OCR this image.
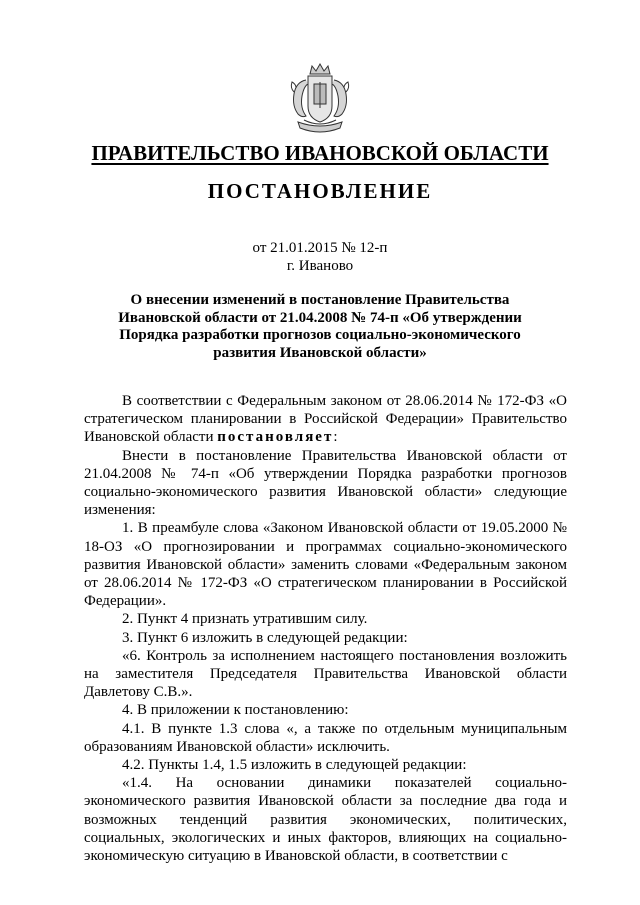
ПРАВИТЕЛЬСТВО ИВАНОВСКОЙ ОБЛАСТИ
ПОСТАНОВЛЕНИЕ
от 21.01.2015 № 12-п
г. Иваново
О внесении изменений в постановление Правительства
Ивановской области от 21.04.2008 № 74-п «Об утверждении
Порядка разработки прогнозов социально-экономического
развития Ивановской области»

В соответствии с Федеральным законом от 28.06.2014 № 172-ФЗ «О стратегическом планировании в Российской Федерации» Правительство Ивановской области постановляет:

Внести в постановление Правительства Ивановской области от 21.04.2008 № 74-п «Об утверждении Порядка разработки прогнозов социально-экономического развития Ивановской области» следующие изменения:

1. В преамбуле слова «Законом Ивановской области от 19.05.2000 № 18-ОЗ «О прогнозировании и программах социально-экономического развития Ивановской области» заменить словами «Федеральным законом от 28.06.2014 № 172-ФЗ «О стратегическом планировании в Российской Федерации».

2. Пункт 4 признать утратившим силу.

3. Пункт 6 изложить в следующей редакции:

«6. Контроль за исполнением настоящего постановления возложить на заместителя Председателя Правительства Ивановской области Давлетову С.В.».

4. В приложении к постановлению:

4.1. В пункте 1.3 слова «, а также по отдельным муниципальным образованиям Ивановской области» исключить.

4.2. Пункты 1.4, 1.5 изложить в следующей редакции:

«1.4. На основании динамики показателей социально-экономического развития Ивановской области за последние два года и возможных тенденций развития экономических, политических, социальных, экологических и иных факторов, влияющих на социально-экономическую ситуацию в Ивановской области, в соответствии с
